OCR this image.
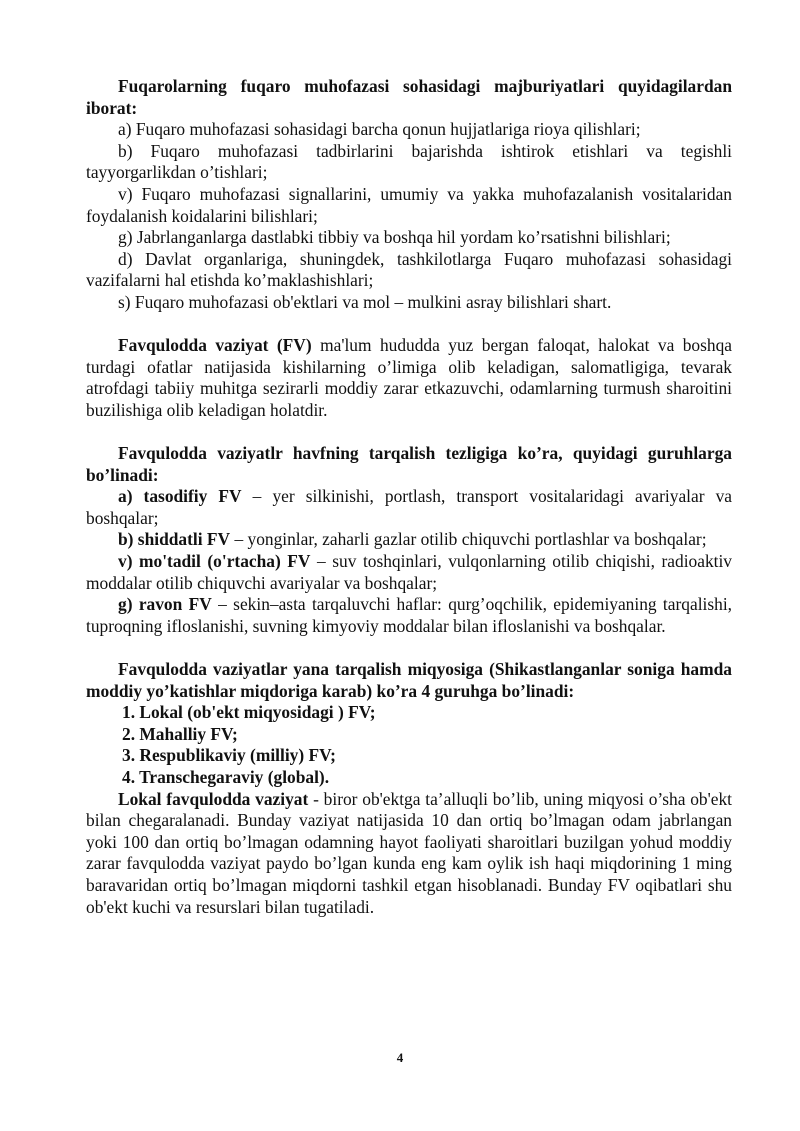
Fuqarolarning fuqaro muhofazasi sohasidagi majburiyatlari quyidagilardan iborat:

a) Fuqaro muhofazasi sohasidagi barcha qonun hujjatlariga rioya qilishlari;

b) Fuqaro muhofazasi tadbirlarini bajarishda ishtirok etishlari va tegishli tayyorgarlikdan o’tishlari;

v) Fuqaro muhofazasi signallarini, umumiy va yakka muhofazalanish vositalaridan foydalanish koidalarini bilishlari;

g) Jabrlanganlarga dastlabki tibbiy va boshqa hil yordam ko’rsatishni bilishlari;

d) Davlat organlariga, shuningdek, tashkilotlarga Fuqaro muhofazasi sohasidagi vazifalarni hal etishda ko’maklashishlari;

s) Fuqaro muhofazasi ob'ektlari va mol – mulkini asray bilishlari shart.

Favqulodda vaziyat (FV) ma'lum hududda yuz bergan faloqat, halokat va boshqa turdagi ofatlar natijasida kishilarning o’limiga olib keladigan, salomatligiga, tevarak atrofdagi tabiiy muhitga sezirarli moddiy zarar etkazuvchi, odamlarning turmush sharoitini buzilishiga olib keladigan holatdir.

Favqulodda vaziyatlr havfning tarqalish tezligiga ko’ra, quyidagi guruhlarga bo’linadi:

a) tasodifiy FV – yer silkinishi, portlash, transport vositalaridagi avariyalar va boshqalar;

b) shiddatli FV – yonginlar, zaharli gazlar otilib chiquvchi portlashlar va boshqalar;

v) mo'tadil (o'rtacha) FV – suv toshqinlari, vulqonlarning otilib chiqishi, radioaktiv moddalar otilib chiquvchi avariyalar va boshqalar;

g) ravon FV – sekin–asta tarqaluvchi haflar: qurg’oqchilik, epidemiyaning tarqalishi, tuproqning ifloslanishi, suvning kimyoviy moddalar bilan ifloslanishi va boshqalar.

Favqulodda vaziyatlar yana tarqalish miqyosiga (Shikastlanganlar soniga hamda moddiy yo’katishlar miqdoriga karab) ko’ra 4 guruhga bo’linadi:

1. Lokal (ob'ekt miqyosidagi ) FV;

2. Mahalliy FV;

3. Respublikaviy (milliy) FV;

4. Transchegaraviy (global).

Lokal favqulodda vaziyat - biror ob'ektga ta’alluqli bo’lib, uning miqyosi o’sha ob'ekt bilan chegaralanadi. Bunday vaziyat natijasida 10 dan ortiq bo’lmagan odam jabrlangan yoki 100 dan ortiq bo’lmagan odamning hayot faoliyati sharoitlari buzilgan yohud moddiy zarar favqulodda vaziyat paydo bo’lgan kunda eng kam oylik ish haqi miqdorining 1 ming baravaridan ortiq bo’lmagan miqdorni tashkil etgan hisoblanadi. Bunday FV oqibatlari shu ob'ekt kuchi va resurslari bilan tugatiladi.

4
